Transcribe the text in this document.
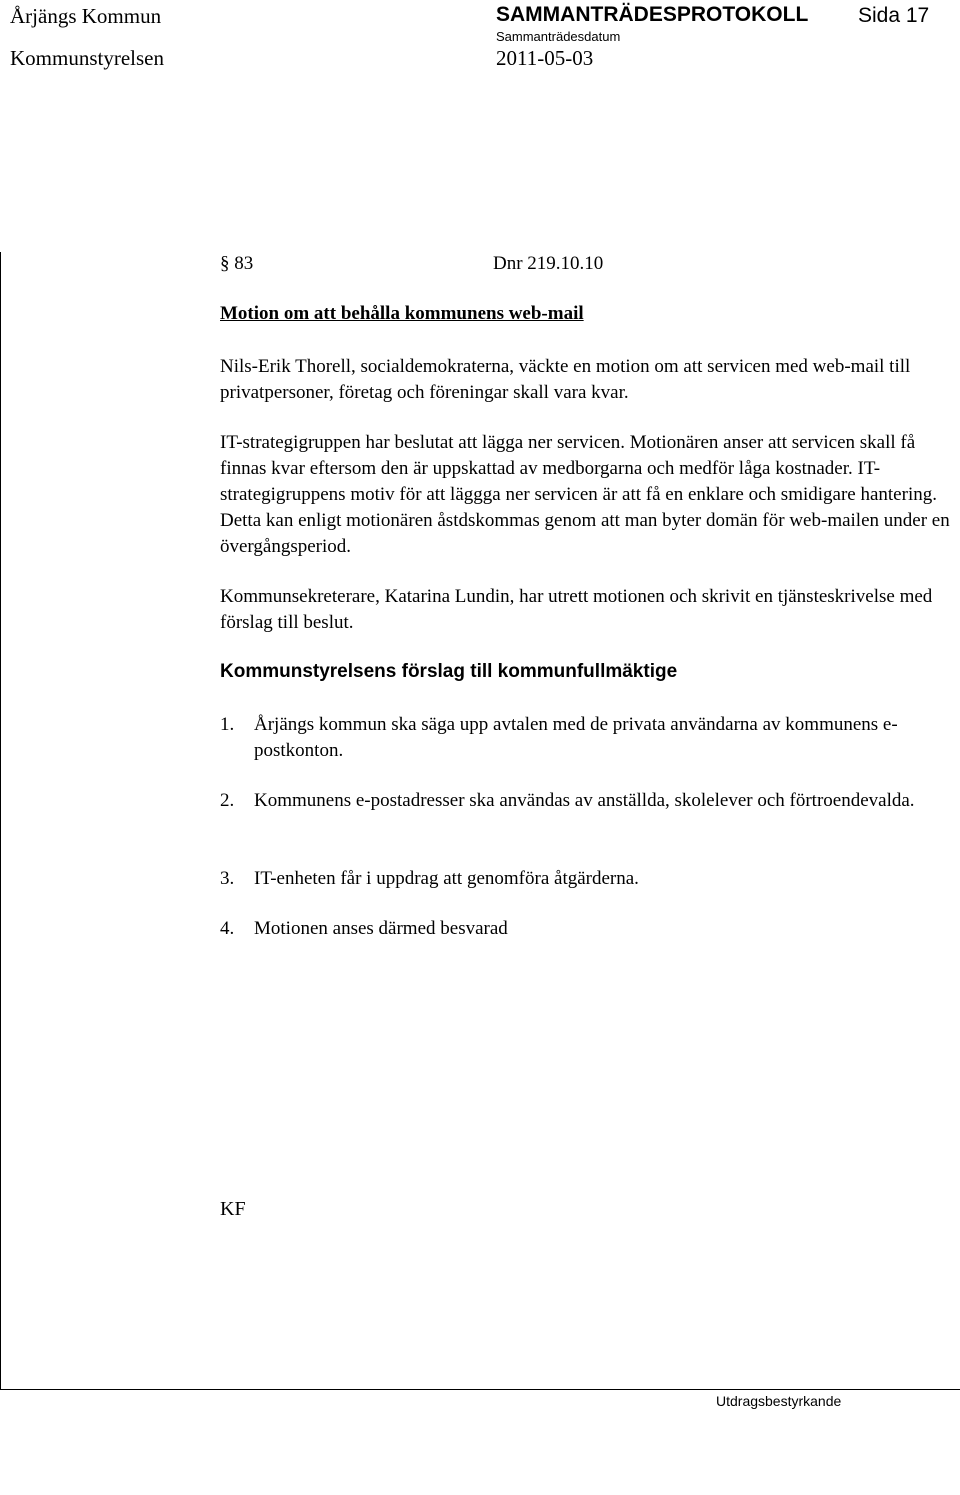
Årjängs Kommun	SAMMANTRÄDESPROTOKOLL Sida 17
Kommunstyrelsen
Sammanträdesdatum
2011-05-03
§ 83	Dnr 219.10.10
Motion om att behålla kommunens web-mail

Nils-Erik Thorell, socialdemokraterna, väckte en motion om att servicen med web-mail till privatpersoner, företag och föreningar skall vara kvar.

IT-strategigruppen har beslutat att lägga ner servicen. Motionären anser att servicen skall få finnas kvar eftersom den är uppskattad av medborgarna och medför låga kostnader. IT-strategigruppens motiv för att läggga ner servicen är att få en enklare och smidigare hantering. Detta kan enligt motionären åstdskommas genom att man byter domän för web-mailen under en övergångsperiod.

Kommunsekreterare, Katarina Lundin, har utrett motionen och skrivit en tjänsteskrivelse med förslag till beslut.

Kommunstyrelsens förslag till kommunfullmäktige
1. Årjängs kommun ska säga upp avtalen med de privata användarna av kommunens e-postkonton.
2. Kommunens e-postadresser ska användas av anställda, skolelever och förtroendevalda.
3. IT-enheten får i uppdrag att genomföra åtgärderna.
4. Motionen anses därmed besvarad
KF
Utdragsbestyrkande
